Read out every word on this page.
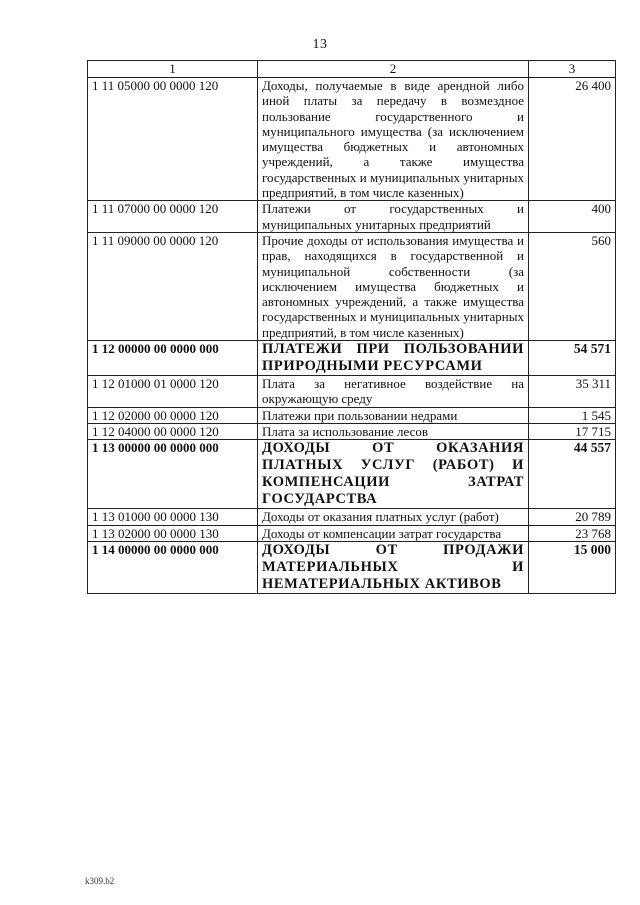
13
1	2	3
1 11 05000 00 0000 120	Доходы, получаемые в виде арендной либо иной платы за передачу в возмездное пользование государственного и муниципального имущества (за исключением имущества бюджетных и автономных учреждений, а также имущества государственных и муниципальных унитарных предприятий, в том числе казенных)	26 400
1 11 07000 00 0000 120	Платежи от государственных и муниципальных унитарных предприятий	400
1 11 09000 00 0000 120	Прочие доходы от использования имущества и прав, находящихся в государственной и муниципальной собственности (за исключением имущества бюджетных и автономных учреждений, а также имущества государственных и муниципальных унитарных предприятий, в том числе казенных)	560
1 12 00000 00 0000 000	ПЛАТЕЖИ ПРИ ПОЛЬЗОВАНИИ ПРИРОДНЫМИ РЕСУРСАМИ	54 571
1 12 01000 01 0000 120	Плата за негативное воздействие на окружающую среду	35 311
1 12 02000 00 0000 120	Платежи при пользовании недрами	1 545
1 12 04000 00 0000 120	Плата за использование лесов	17 715
1 13 00000 00 0000 000	ДОХОДЫ ОТ ОКАЗАНИЯ ПЛАТНЫХ УСЛУГ (РАБОТ) И КОМПЕНСАЦИИ ЗАТРАТ ГОСУДАРСТВА	44 557
1 13 01000 00 0000 130	Доходы от оказания платных услуг (работ)	20 789
1 13 02000 00 0000 130	Доходы от компенсации затрат государства	23 768
1 14 00000 00 0000 000	ДОХОДЫ ОТ ПРОДАЖИ МАТЕРИАЛЬНЫХ И НЕМАТЕРИАЛЬНЫХ АКТИВОВ	15 000
k309.b2
